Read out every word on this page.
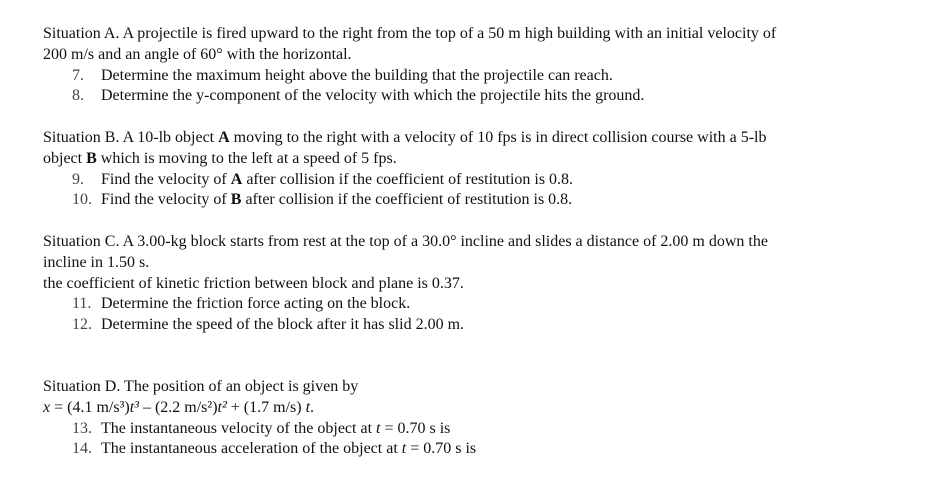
Situation A. A projectile is fired upward to the right from the top of a 50 m high building with an initial velocity of
200 m/s and an angle of 60° with the horizontal.
7. Determine the maximum height above the building that the projectile can reach.
8. Determine the y-component of the velocity with which the projectile hits the ground.
Situation B. A 10-lb object A moving to the right with a velocity of 10 fps is in direct collision course with a 5-lb
object B which is moving to the left at a speed of 5 fps.
9. Find the velocity of A after collision if the coefficient of restitution is 0.8.
10. Find the velocity of B after collision if the coefficient of restitution is 0.8.
Situation C. A 3.00-kg block starts from rest at the top of a 30.0° incline and slides a distance of 2.00 m down the
incline in 1.50 s.
the coefficient of kinetic friction between block and plane is 0.37.
11. Determine the friction force acting on the block.
12. Determine the speed of the block after it has slid 2.00 m.
Situation D. The position of an object is given by
x = (4.1 m/s³)t³ – (2.2 m/s²)t² + (1.7 m/s) t.
13. The instantaneous velocity of the object at t = 0.70 s is
14. The instantaneous acceleration of the object at t = 0.70 s is
